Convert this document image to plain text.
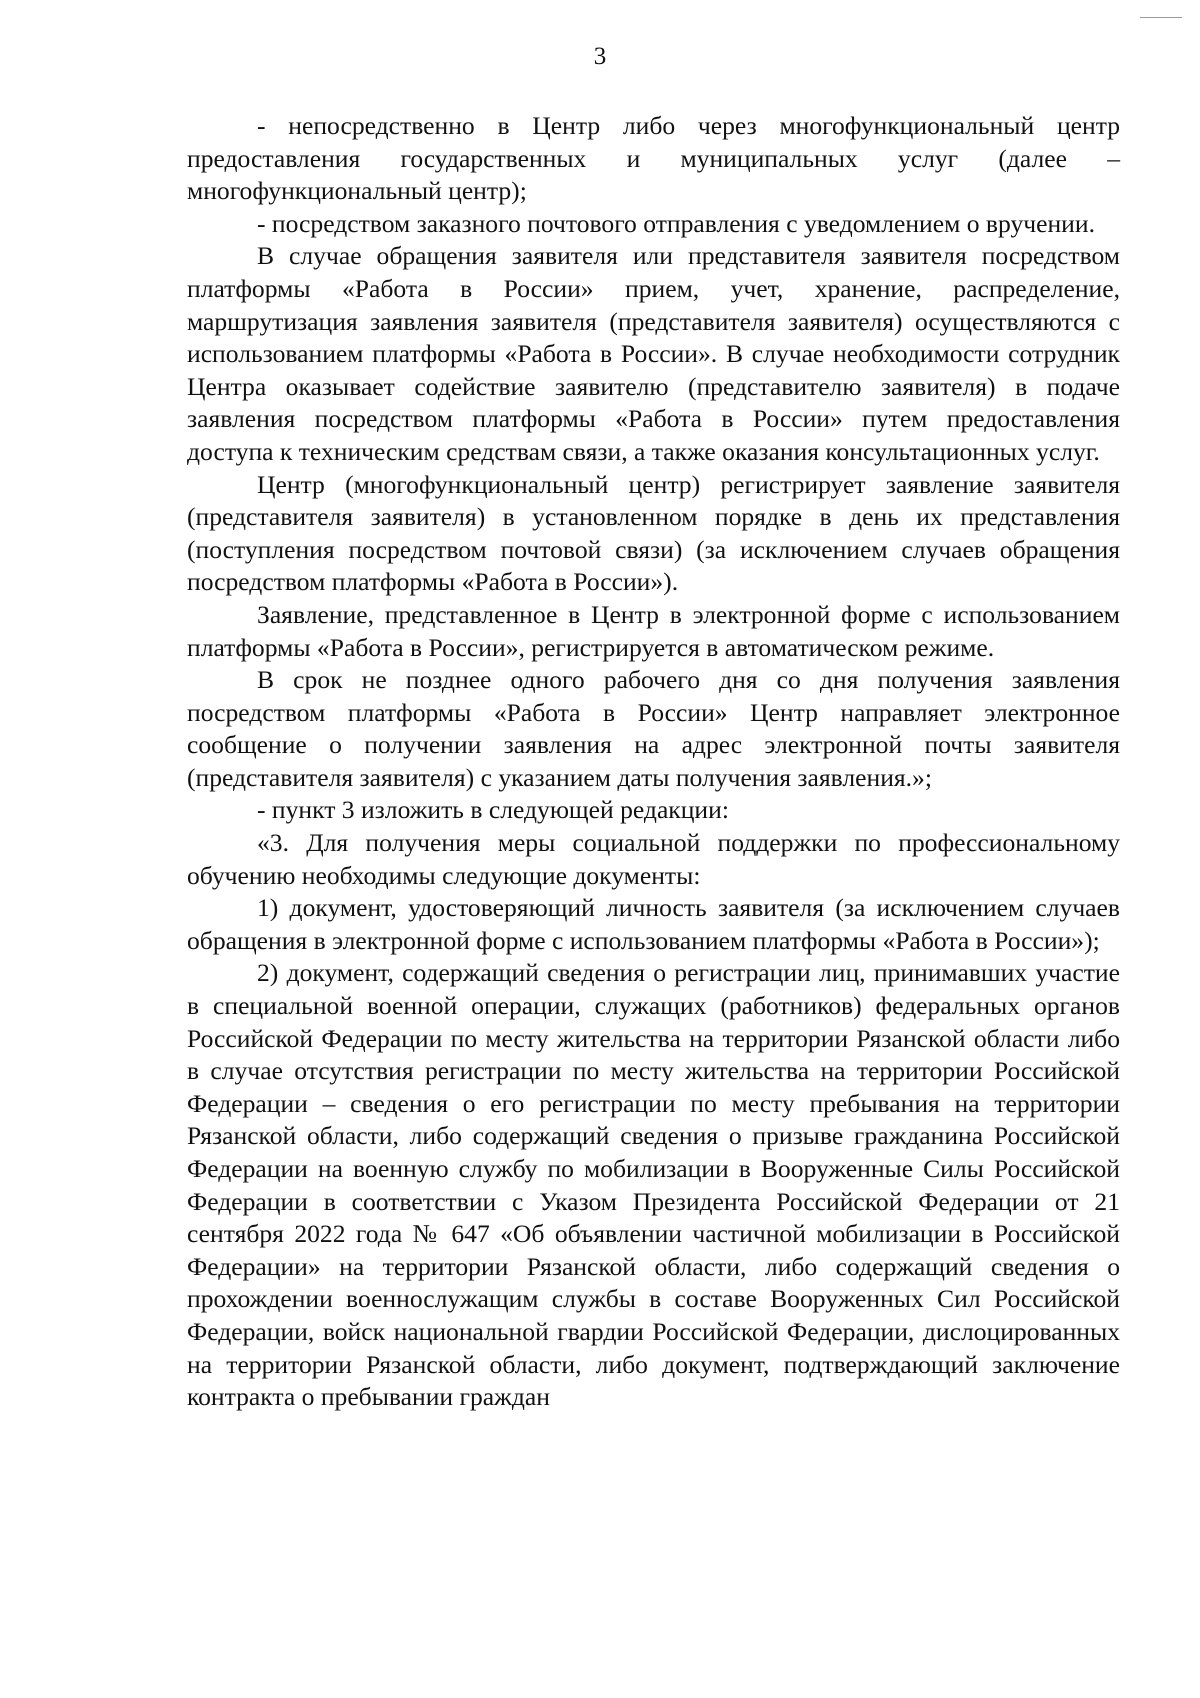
3

- непосредственно в Центр либо через многофункциональный центр предоставления государственных и муниципальных услуг (далее – многофункциональный центр);

- посредством заказного почтового отправления с уведомлением о вручении.

В случае обращения заявителя или представителя заявителя посредством платформы «Работа в России» прием, учет, хранение, распределение, маршрутизация заявления заявителя (представителя заявителя) осуществляются с использованием платформы «Работа в России». В случае необходимости сотрудник Центра оказывает содействие заявителю (представителю заявителя) в подаче заявления посредством платформы «Работа в России» путем предоставления доступа к техническим средствам связи, а также оказания консультационных услуг.

Центр (многофункциональный центр) регистрирует заявление заявителя (представителя заявителя) в установленном порядке в день их представления (поступления посредством почтовой связи) (за исключением случаев обращения посредством платформы «Работа в России»).

Заявление, представленное в Центр в электронной форме с использованием платформы «Работа в России», регистрируется в автоматическом режиме.

В срок не позднее одного рабочего дня со дня получения заявления посредством платформы «Работа в России» Центр направляет электронное сообщение о получении заявления на адрес электронной почты заявителя (представителя заявителя) с указанием даты получения заявления.»;

- пункт 3 изложить в следующей редакции:

«3. Для получения меры социальной поддержки по профессиональному обучению необходимы следующие документы:

1) документ, удостоверяющий личность заявителя (за исключением случаев обращения в электронной форме с использованием платформы «Работа в России»);

2) документ, содержащий сведения о регистрации лиц, принимавших участие в специальной военной операции, служащих (работников) федеральных органов Российской Федерации по месту жительства на территории Рязанской области либо в случае отсутствия регистрации по месту жительства на территории Российской Федерации – сведения о его регистрации по месту пребывания на территории Рязанской области, либо содержащий сведения о призыве гражданина Российской Федерации на военную службу по мобилизации в Вооруженные Силы Российской Федерации в соответствии с Указом Президента Российской Федерации от 21 сентября 2022 года № 647 «Об объявлении частичной мобилизации в Российской Федерации» на территории Рязанской области, либо содержащий сведения о прохождении военнослужащим службы в составе Вооруженных Сил Российской Федерации, войск национальной гвардии Российской Федерации, дислоцированных на территории Рязанской области, либо документ, подтверждающий заключение контракта о пребывании граждан
